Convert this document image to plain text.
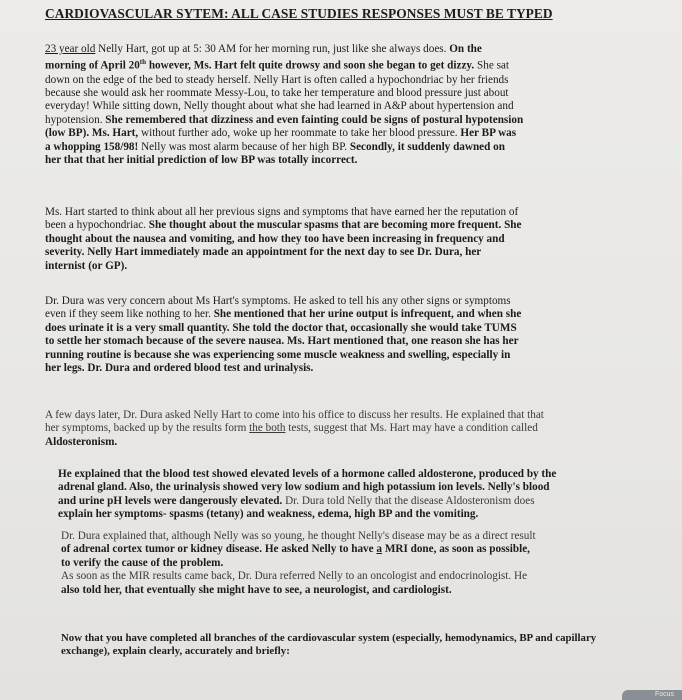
CARDIOVASCULAR SYTEM: ALL CASE STUDIES RESPONSES MUST BE TYPED
23 year old Nelly Hart, got up at 5: 30 AM for her morning run, just like she always does. On the
morning of April 20th however, Ms. Hart felt quite drowsy and soon she began to get dizzy. She sat
down on the edge of the bed to steady herself. Nelly Hart is often called a hypochondriac by her friends
because she would ask her roommate Messy-Lou, to take her temperature and blood pressure just about
everyday! While sitting down, Nelly thought about what she had learned in A&P about hypertension and
hypotension. She remembered that dizziness and even fainting could be signs of postural hypotension
(low BP). Ms. Hart, without further ado, woke up her roommate to take her blood pressure. Her BP was
a whopping 158/98! Nelly was most alarm because of her high BP. Secondly, it suddenly dawned on
her that that her initial prediction of low BP was totally incorrect.
Ms. Hart started to think about all her previous signs and symptoms that have earned her the reputation of
been a hypochondriac. She thought about the muscular spasms that are becoming more frequent. She
thought about the nausea and vomiting, and how they too have been increasing in frequency and
severity. Nelly Hart immediately made an appointment for the next day to see Dr. Dura, her
internist (or GP).
Dr. Dura was very concern about Ms Hart's symptoms. He asked to tell his any other signs or symptoms
even if they seem like nothing to her. She mentioned that her urine output is infrequent, and when she
does urinate it is a very small quantity. She told the doctor that, occasionally she would take TUMS
to settle her stomach because of the severe nausea. Ms. Hart mentioned that, one reason she has her
running routine is because she was experiencing some muscle weakness and swelling, especially in
her legs. Dr. Dura and ordered blood test and urinalysis.
A few days later, Dr. Dura asked Nelly Hart to come into his office to discuss her results. He explained that that
her symptoms, backed up by the results form the both tests, suggest that Ms. Hart may have a condition called
Aldosteronism.
He explained that the blood test showed elevated levels of a hormone called aldosterone, produced by the
adrenal gland. Also, the urinalysis showed very low sodium and high potassium ion levels. Nelly's blood
and urine pH levels were dangerously elevated. Dr. Dura told Nelly that the disease Aldosteronism does
explain her symptoms- spasms (tetany) and weakness, edema, high BP and the vomiting.
Dr. Dura explained that, although Nelly was so young, he thought Nelly's disease may be as a direct result
of adrenal cortex tumor or kidney disease. He asked Nelly to have a MRI done, as soon as possible,
to verify the cause of the problem.
As soon as the MIR results came back, Dr. Dura referred Nelly to an oncologist and endocrinologist. He
also told her, that eventually she might have to see, a neurologist, and cardiologist.
Now that you have completed all branches of the cardiovascular system (especially, hemodynamics, BP and capillary
exchange), explain clearly, accurately and briefly:
Focus
